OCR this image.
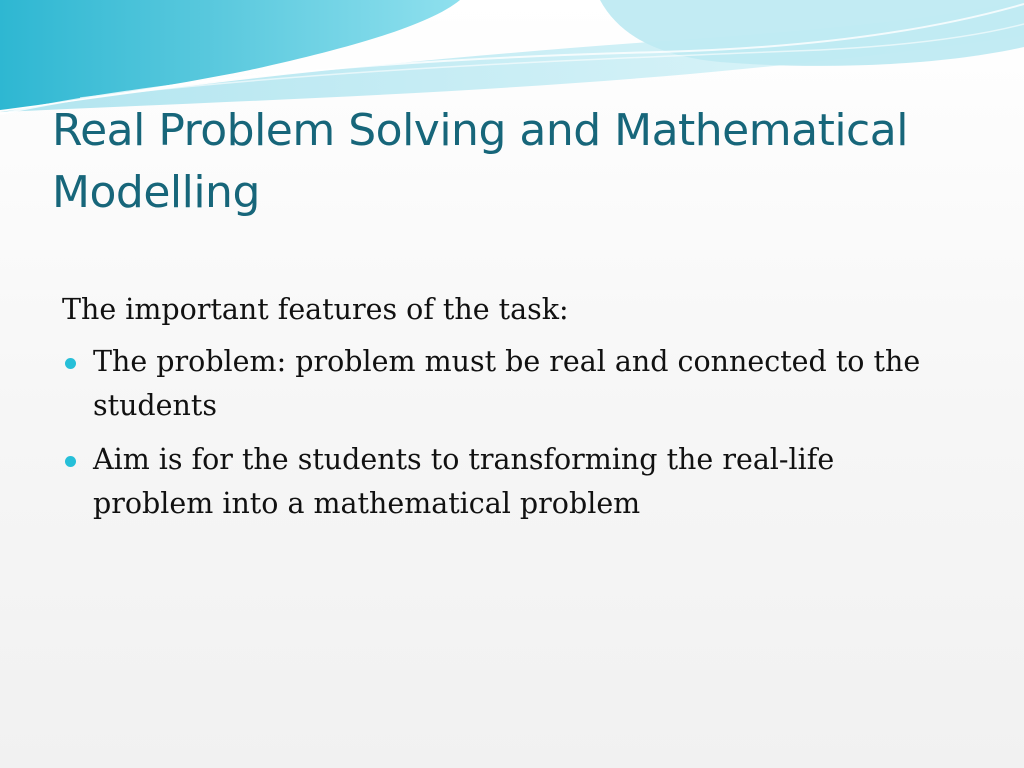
Real Problem Solving and Mathematical Modelling

The important features of the task:

The problem: problem must be real and connected to the students
Aim is for the students to transforming the real-life problem into a mathematical problem
